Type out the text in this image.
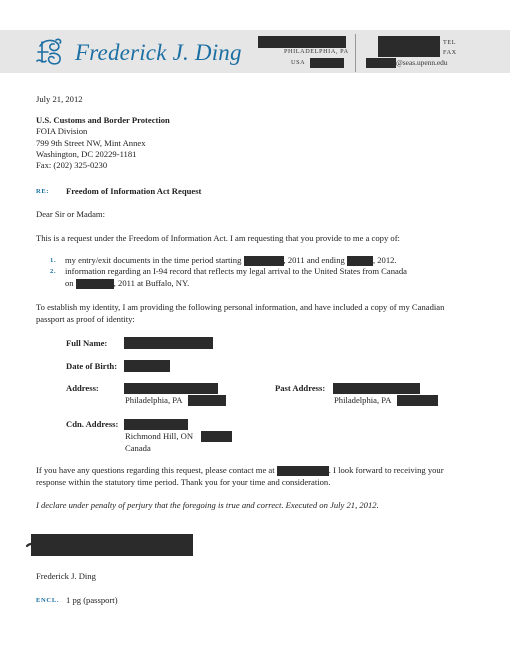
Frederick J. Ding	PHILADELPHIA, PA
USA
TEL
FAX
@seas.upenn.edu
July 21, 2012
U.S. Customs and Border Protection
FOIA Division
799 9th Street NW, Mint Annex
Washington, DC 20229-1181
Fax: (202) 325-0230
RE: Freedom of Information Act Request
Dear Sir or Madam:
This is a request under the Freedom of Information Act. I am requesting that you provide to me a copy of:
1. my entry/exit documents in the time period starting	, 2011 and ending	, 2012.
2. information regarding an I-94 record that reflects my legal arrival to the United States from Canada
on	, 2011 at Buffalo, NY.
To establish my identity, I am providing the following personal information, and have included a copy of my Canadian
passport as proof of identity:
Full Name:
Date of Birth:
Address:
Philadelphia, PA
Past Address:
Philadelphia, PA
Cdn. Address:
Richmond Hill, ON
Canada
If you have any questions regarding this request, please contact me at	. I look forward to receiving your
response within the statutory time period. Thank you for your time and consideration.
I declare under penalty of perjury that the foregoing is true and correct. Executed on July 21, 2012.
Frederick J. Ding
ENCL. 1 pg (passport)
